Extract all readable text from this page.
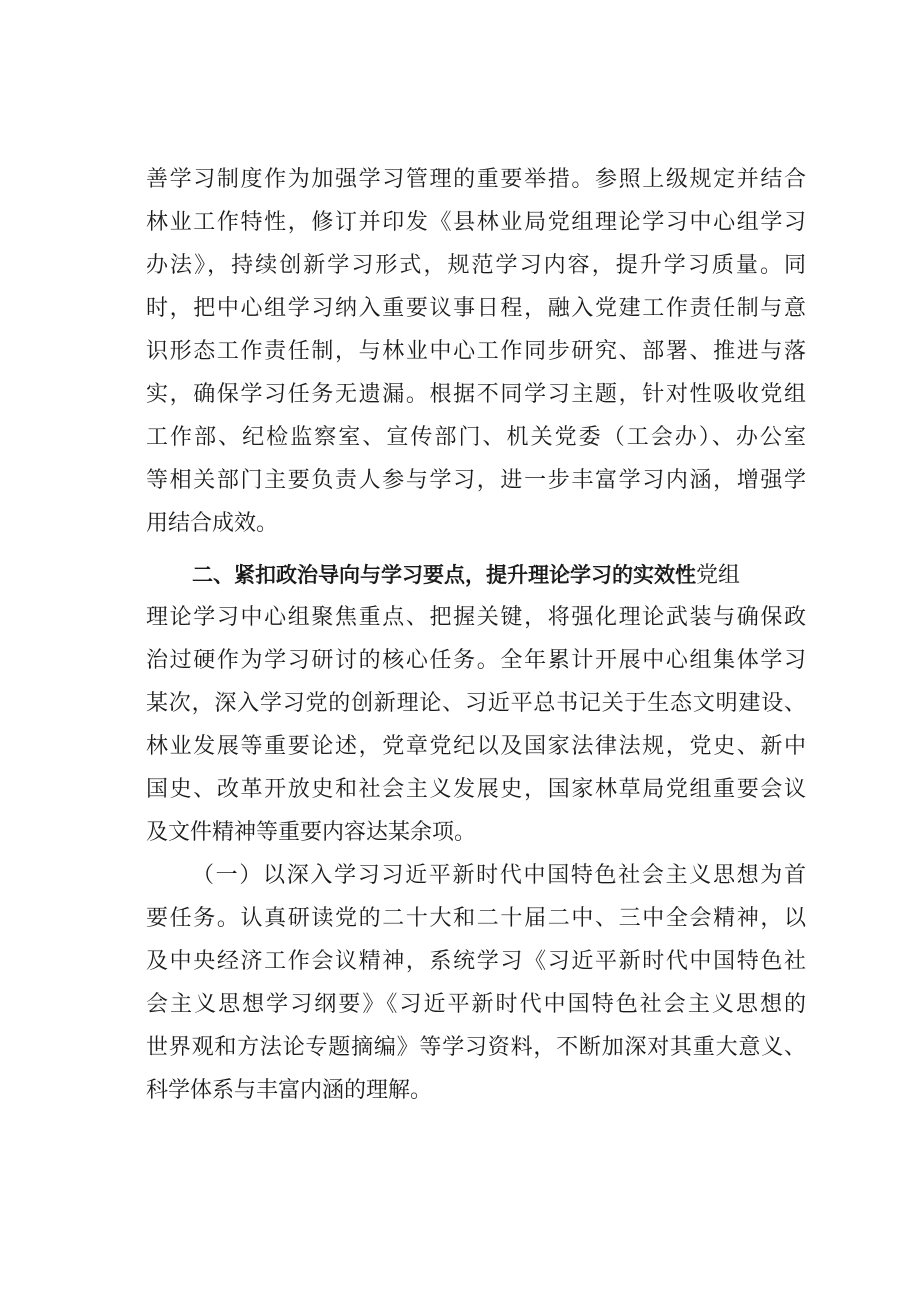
善学习制度作为加强学习管理的重要举措。参照上级规定并结合
林业工作特性，修订并印发《县林业局党组理论学习中心组学习
办法》，持续创新学习形式，规范学习内容，提升学习质量。同
时，把中心组学习纳入重要议事日程，融入党建工作责任制与意
识形态工作责任制，与林业中心工作同步研究、部署、推进与落
实，确保学习任务无遗漏。根据不同学习主题，针对性吸收党组
工作部、纪检监察室、宣传部门、机关党委（工会办）、办公室
等相关部门主要负责人参与学习，进一步丰富学习内涵，增强学
用结合成效。
二、紧扣政治导向与学习要点，提升理论学习的实效性党组
理论学习中心组聚焦重点、把握关键，将强化理论武装与确保政
治过硬作为学习研讨的核心任务。全年累计开展中心组集体学习
某次，深入学习党的创新理论、习近平总书记关于生态文明建设、
林业发展等重要论述，党章党纪以及国家法律法规，党史、新中
国史、改革开放史和社会主义发展史，国家林草局党组重要会议
及文件精神等重要内容达某余项。
（一）以深入学习习近平新时代中国特色社会主义思想为首
要任务。认真研读党的二十大和二十届二中、三中全会精神，以
及中央经济工作会议精神，系统学习《习近平新时代中国特色社
会主义思想学习纲要》《习近平新时代中国特色社会主义思想的
世界观和方法论专题摘编》等学习资料，不断加深对其重大意义、
科学体系与丰富内涵的理解。
